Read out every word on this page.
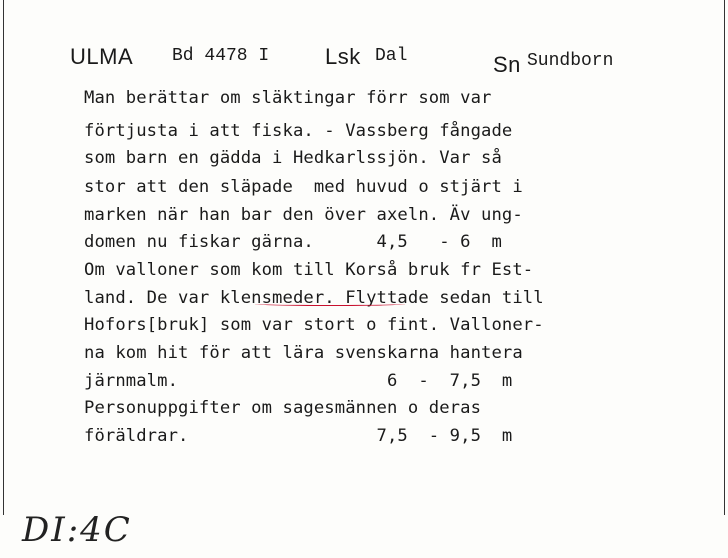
ULMA Bd 4478 I	Lsk Dal	Sn Sundborn
Man berättar om släktingar förr som var
förtjusta i att fiska. - Vassberg fångade
som barn en gädda i Hedkarlssjön. Var så
stor att den släpade  med huvud o stjärt i
marken när han bar den över axeln. Äv ung-
domen nu fiskar gärna.      4,5   - 6  m
Om valloner som kom till Korså bruk fr Est-
land. De var klensmeder. Flyttade sedan till
Hofors[bruk] som var stort o fint. Valloner-
na kom hit för att lära svenskarna hantera
järnmalm.                    6  -  7,5  m
Personuppgifter om sagesmännen o deras
föräldrar.                  7,5  - 9,5  m
DI:4C
